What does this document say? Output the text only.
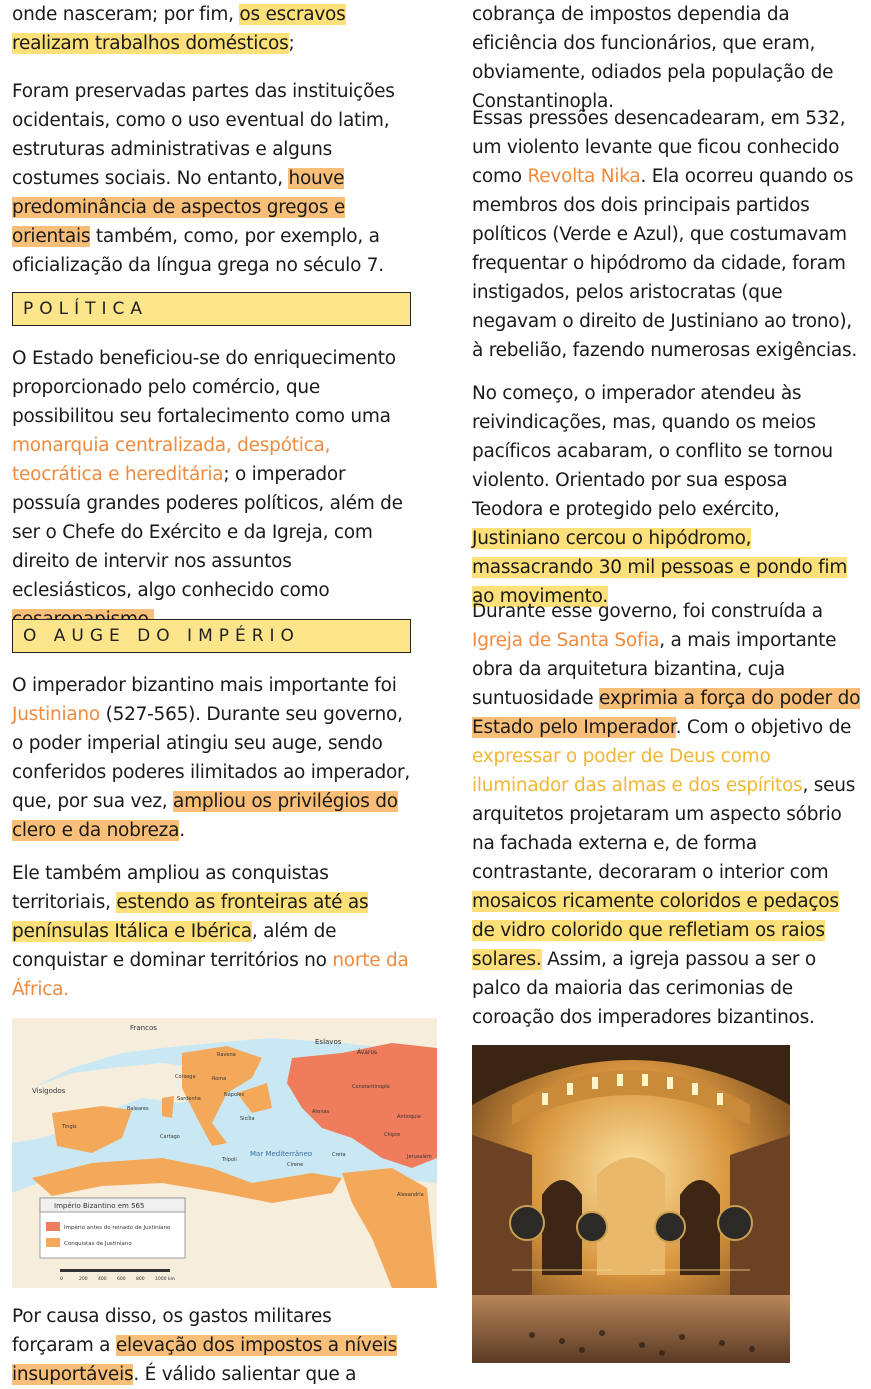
onde nasceram; por fim, os escravos realizam trabalhos domésticos;

Foram preservadas partes das instituições ocidentais, como o uso eventual do latim, estruturas administrativas e alguns costumes sociais. No entanto, houve predominância de aspectos gregos e orientais também, como, por exemplo, a oficialização da língua grega no século 7.

POLÍTICA

O Estado beneficiou-se do enriquecimento proporcionado pelo comércio, que possibilitou seu fortalecimento como uma monarquia centralizada, despótica, teocrática e hereditária; o imperador possuía grandes poderes políticos, além de ser o Chefe do Exército e da Igreja, com direito de intervir nos assuntos eclesiásticos, algo conhecido como

O AUGE DO IMPÉRIO

O imperador bizantino mais importante foi Justiniano (527-565). Durante seu governo, o poder imperial atingiu seu auge, sendo conferidos poderes ilimitados ao imperador, que, por sua vez, ampliou os privilégios do clero e da nobreza.

Ele também ampliou as conquistas territoriais, estendo as fronteiras até as penínsulas Itálica e Ibérica, além de conquistar e dominar territórios no norte da África.

Francos
Eslavos
Ávaros
Visigodos
Córsega
Sardenha
Baleares
Roma
Ravena
Sicília
Creta
Cartago
Tingis
Constantinopla
Atenas
Antioquia
Alexandria
Jerusalém
Trípoli
Cirene
Chipre
Nápoles
Mar Mediterrâneo
Império Bizantino em 565
Império antes do reinado de Justiniano
Conquistas de Justiniano
0	200 400 600 800 1000 km

Por causa disso, os gastos militares forçaram a elevação dos impostos a níveis insuportáveis. É válido salientar que a

cobrança de impostos dependia da eficiência dos funcionários, que eram, obviamente, odiados pela população de Constantinopla.

Essas pressões desencadearam, em 532, um violento levante que ficou conhecido como Revolta Nika. Ela ocorreu quando os membros dos dois principais partidos políticos (Verde e Azul), que costumavam frequentar o hipódromo da cidade, foram instigados, pelos aristocratas (que negavam o direito de Justiniano ao trono), à rebelião, fazendo numerosas exigências.

No começo, o imperador atendeu às reivindicações, mas, quando os meios pacíficos acabaram, o conflito se tornou violento. Orientado por sua esposa Teodora e protegido pelo exército, Justiniano cercou o hipódromo, massacrando 30 mil pessoas e pondo fim ao movimento.

Durante esse governo, foi construída a Igreja de Santa Sofia, a mais importante obra da arquitetura bizantina, cuja suntuosidade exprimia a força do poder do Estado pelo Imperador. Com o objetivo de expressar o poder de Deus como iluminador das almas e dos espíritos, seus arquitetos projetaram um aspecto sóbrio na fachada externa e, de forma contrastante, decoraram o interior com mosaicos ricamente coloridos e pedaços de vidro colorido que refletiam os raios solares. Assim, a igreja passou a ser o palco da maioria das cerimonias de coroação dos imperadores bizantinos.
